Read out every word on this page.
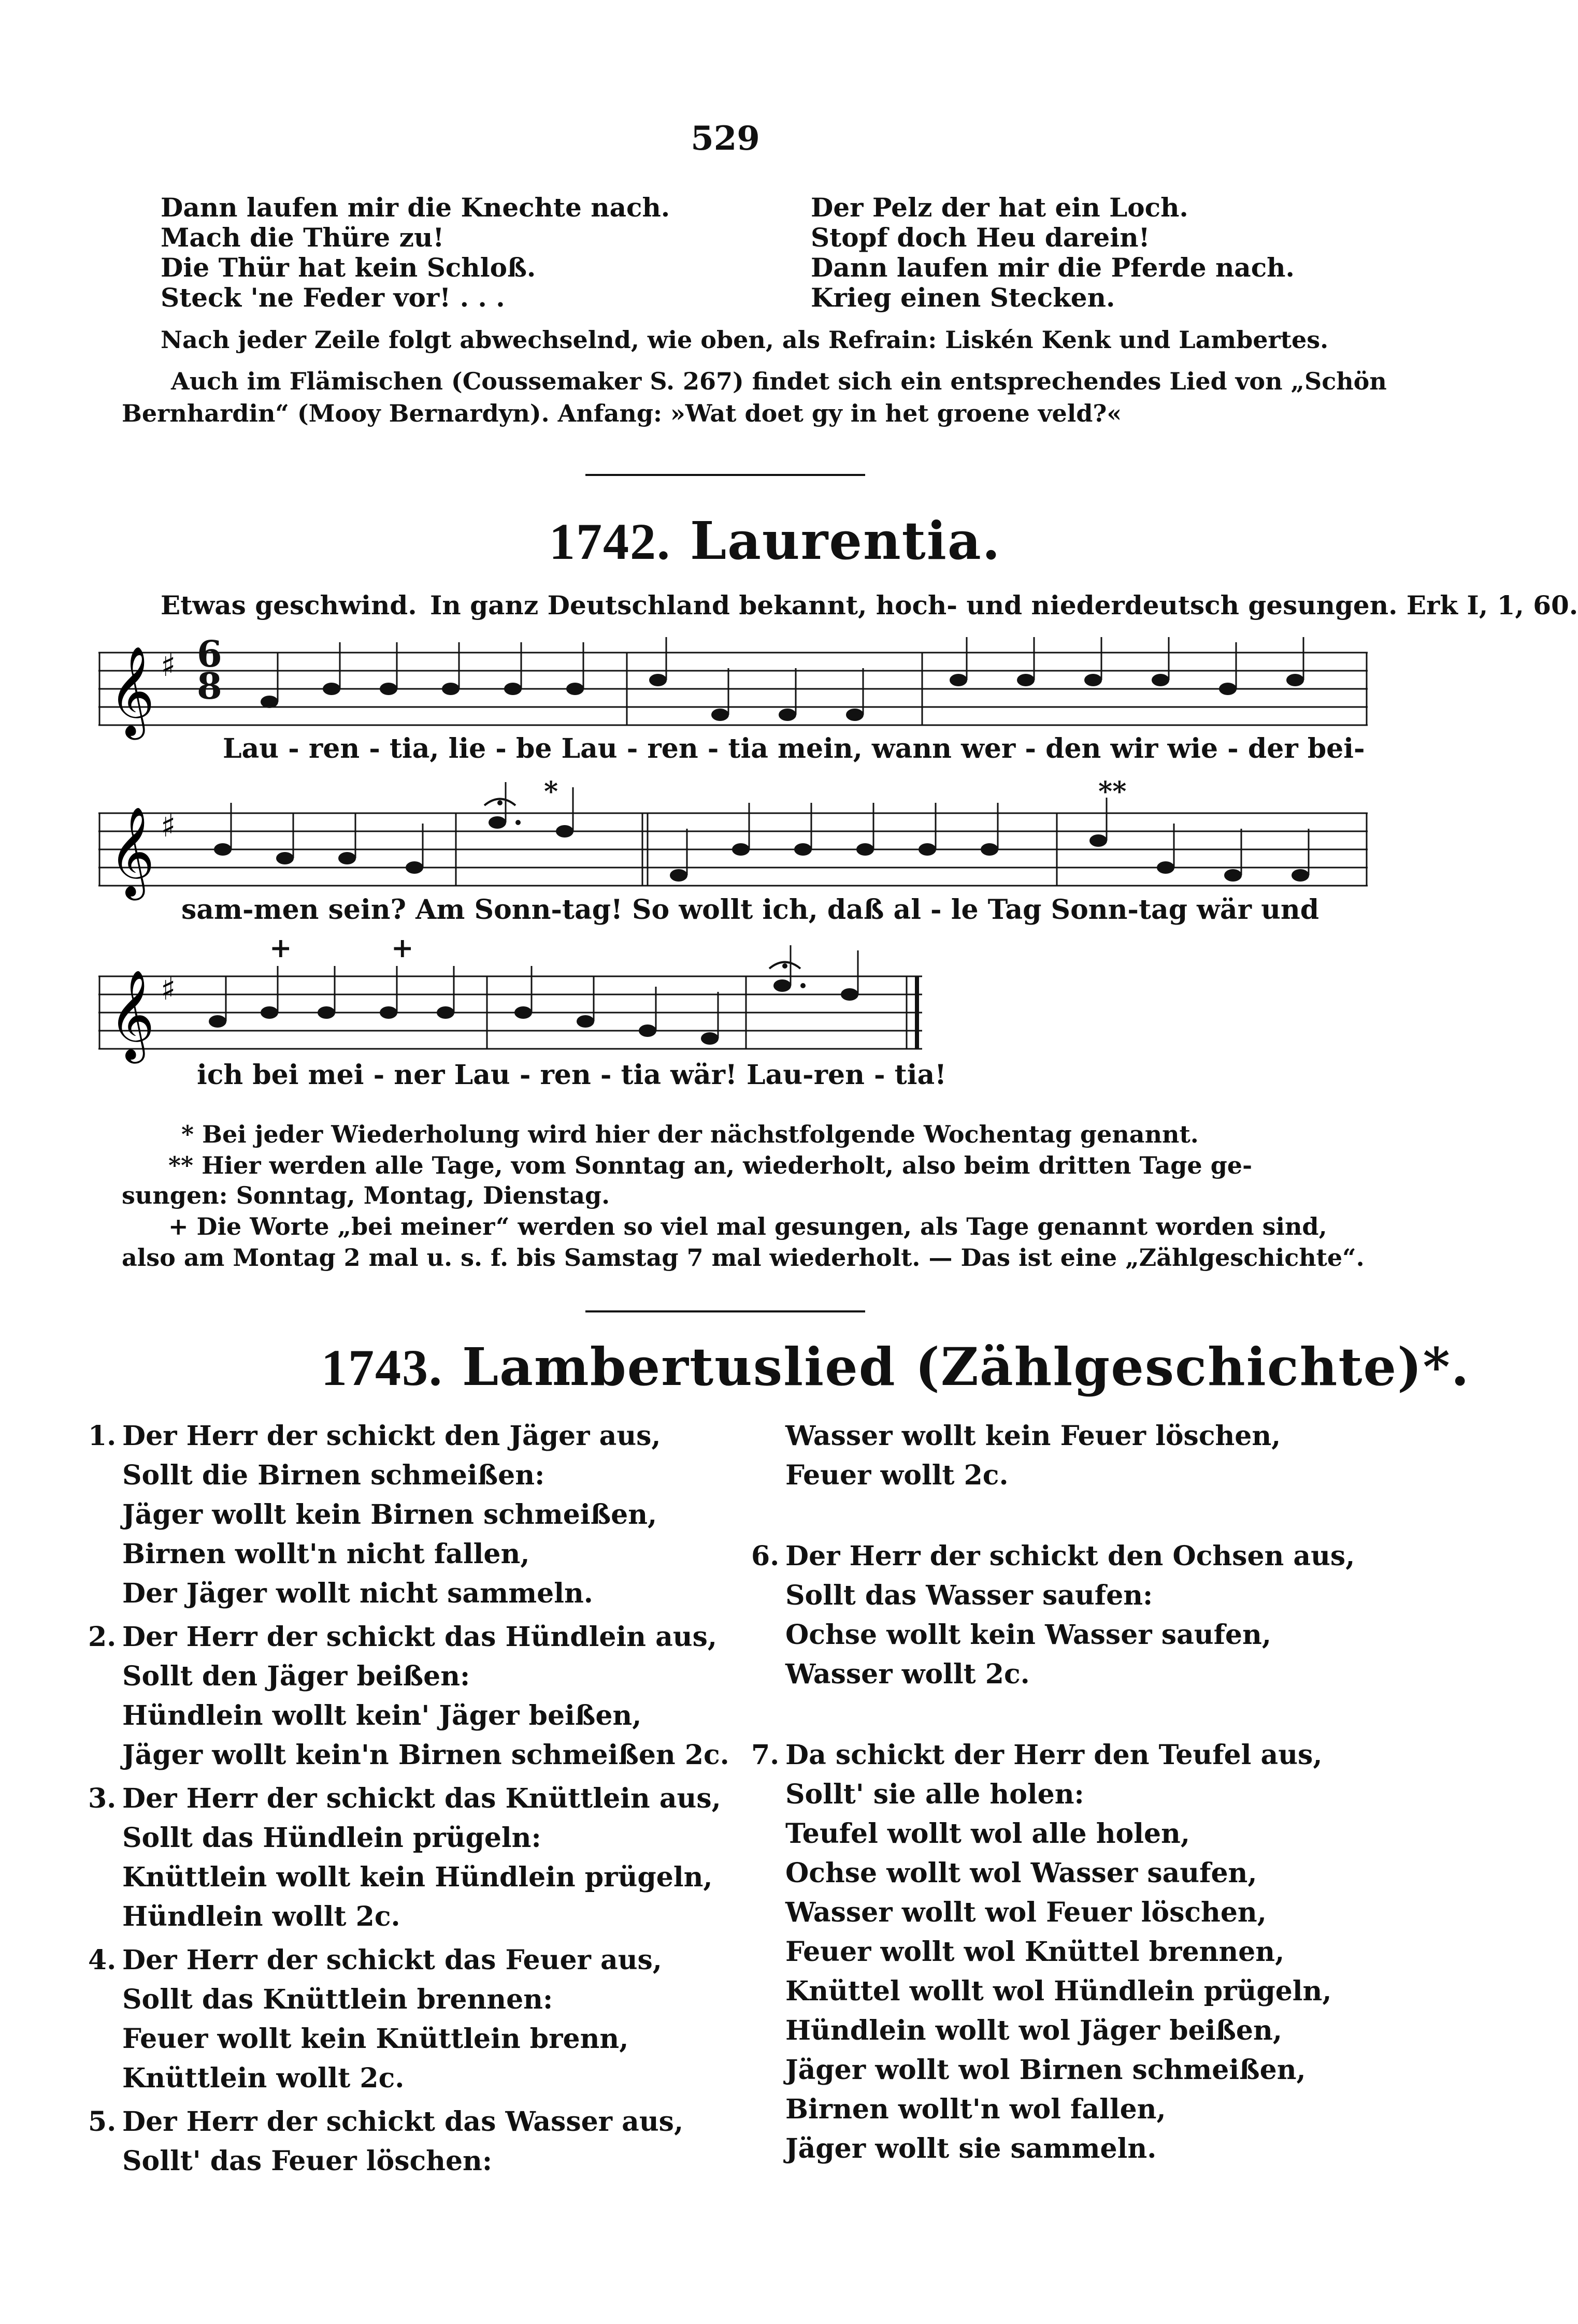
529
Dann laufen mir die Knechte nach.
Mach die Thüre zu!
Die Thür hat kein Schloß.
Steck 'ne Feder vor! . . .
Der Pelz der hat ein Loch.
Stopf doch Heu darein!
Dann laufen mir die Pferde nach.
Krieg einen Stecken.
Nach jeder Zeile folgt abwechselnd, wie oben, als Refrain: Liskén Kenk und Lambertes.
Auch im Flämischen (Coussemaker S. 267) findet sich ein entsprechendes Lied von „Schön
Bernhardin“ (Mooy Bernardyn). Anfang: »Wat doet gy in het groene veld?«
1742. Laurentia.
Etwas geschwind. In ganz Deutschland bekannt, hoch- und niederdeutsch gesungen. Erk I, 1, 60.
𝄞 ♯ 6
8
Lau - ren - tia, lie - be Lau - ren - tia mein, wann wer - den wir wie - der bei-
*	**
𝄞 ♯
sam-men sein? Am Sonn-tag! So wollt ich, daß al - le Tag Sonn-tag wär und
+	+
𝄞 ♯
ich bei mei - ner Lau - ren - tia wär! Lau-ren - tia!
* Bei jeder Wiederholung wird hier der nächstfolgende Wochentag genannt.
** Hier werden alle Tage, vom Sonntag an, wiederholt, also beim dritten Tage ge-
sungen: Sonntag, Montag, Dienstag.
+ Die Worte „bei meiner“ werden so viel mal gesungen, als Tage genannt worden sind,
also am Montag 2 mal u. s. f. bis Samstag 7 mal wiederholt. — Das ist eine „Zählgeschichte“.
1743. Lambertuslied (Zählgeschichte)*.
1. Der Herr der schickt den Jäger aus,
Sollt die Birnen schmeißen:
Jäger wollt kein Birnen schmeißen,
Birnen wollt'n nicht fallen,
Der Jäger wollt nicht sammeln.
2. Der Herr der schickt das Hündlein aus,
Sollt den Jäger beißen:
Hündlein wollt kein' Jäger beißen,
Jäger wollt kein'n Birnen schmeißen 2c.
3. Der Herr der schickt das Knüttlein aus,
Sollt das Hündlein prügeln:
Knüttlein wollt kein Hündlein prügeln,
Hündlein wollt 2c.
4. Der Herr der schickt das Feuer aus,
Sollt das Knüttlein brennen:
Feuer wollt kein Knüttlein brenn,
Knüttlein wollt 2c.
5. Der Herr der schickt das Wasser aus,
Sollt' das Feuer löschen:
Wasser wollt kein Feuer löschen,
Feuer wollt 2c.
6. Der Herr der schickt den Ochsen aus,
Sollt das Wasser saufen:
Ochse wollt kein Wasser saufen,
Wasser wollt 2c.
7. Da schickt der Herr den Teufel aus,
Sollt' sie alle holen:
Teufel wollt wol alle holen,
Ochse wollt wol Wasser saufen,
Wasser wollt wol Feuer löschen,
Feuer wollt wol Knüttel brennen,
Knüttel wollt wol Hündlein prügeln,
Hündlein wollt wol Jäger beißen,
Jäger wollt wol Birnen schmeißen,
Birnen wollt'n wol fallen,
Jäger wollt sie sammeln.
